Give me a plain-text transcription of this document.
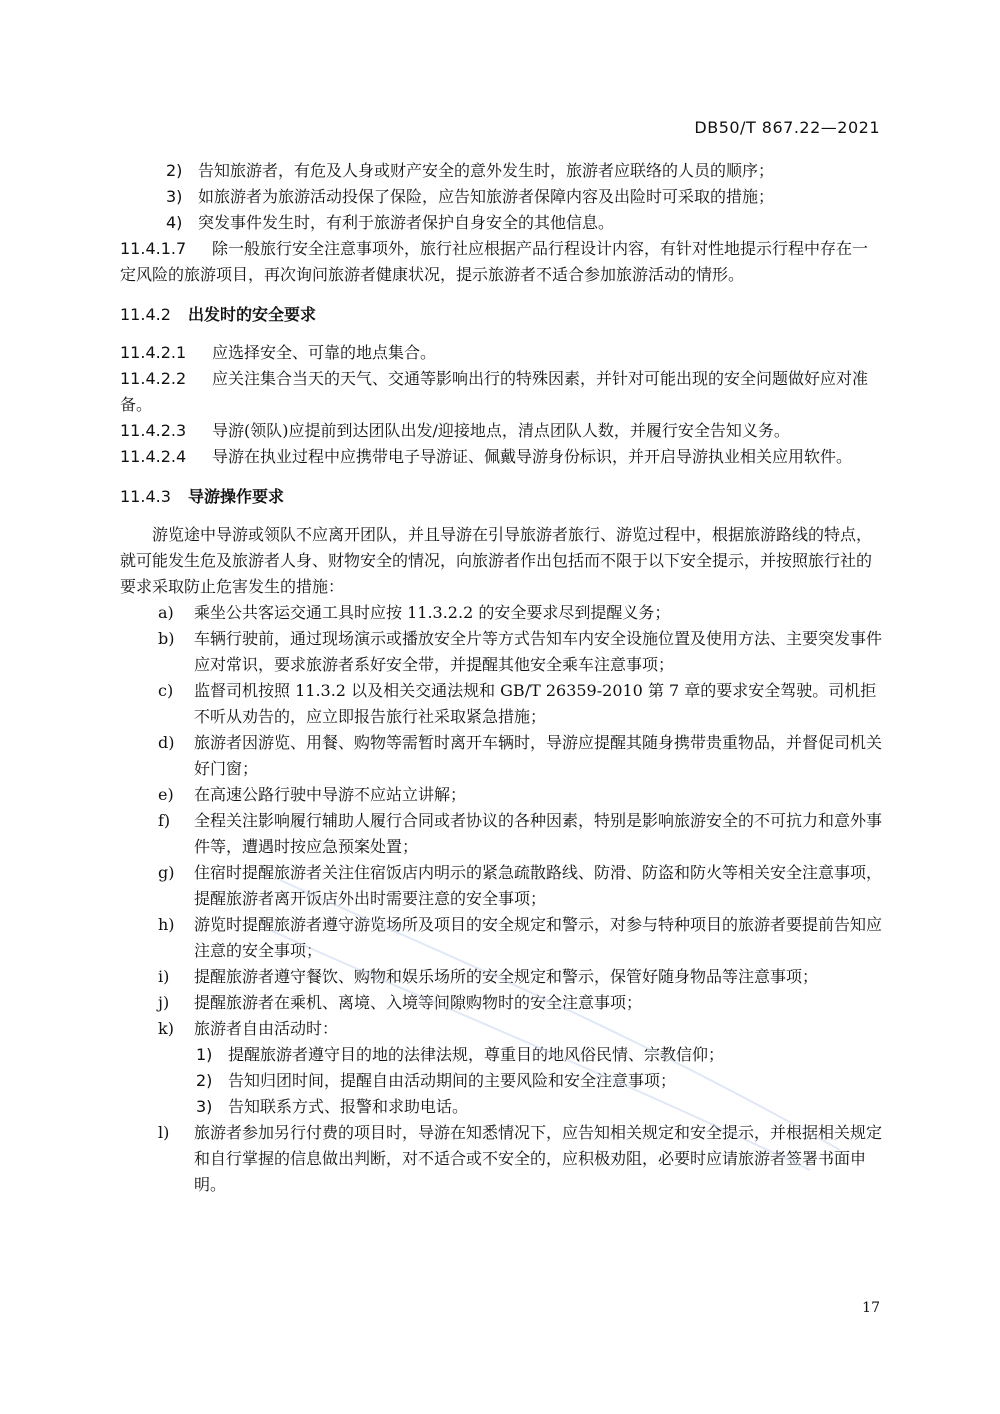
DB50/T 867.22—2021
2) 告知旅游者，有危及人身或财产安全的意外发生时，旅游者应联络的人员的顺序；
3) 如旅游者为旅游活动投保了保险，应告知旅游者保障内容及出险时可采取的措施；
4) 突发事件发生时，有利于旅游者保护自身安全的其他信息。
11.4.1.7 除一般旅行安全注意事项外，旅行社应根据产品行程设计内容，有针对性地提示行程中存在一定风险的旅游项目，再次询问旅游者健康状况，提示旅游者不适合参加旅游活动的情形。
11.4.2 出发时的安全要求
11.4.2.1 应选择安全、可靠的地点集合。
11.4.2.2 应关注集合当天的天气、交通等影响出行的特殊因素，并针对可能出现的安全问题做好应对准备。
11.4.2.3 导游(领队)应提前到达团队出发/迎接地点，清点团队人数，并履行安全告知义务。
11.4.2.4 导游在执业过程中应携带电子导游证、佩戴导游身份标识，并开启导游执业相关应用软件。
11.4.3 导游操作要求
游览途中导游或领队不应离开团队，并且导游在引导旅游者旅行、游览过程中，根据旅游路线的特点，就可能发生危及旅游者人身、财物安全的情况，向旅游者作出包括而不限于以下安全提示，并按照旅行社的要求采取防止危害发生的措施：
a) 乘坐公共客运交通工具时应按 11.3.2.2 的安全要求尽到提醒义务；
b) 车辆行驶前，通过现场演示或播放安全片等方式告知车内安全设施位置及使用方法、主要突发事件应对常识，要求旅游者系好安全带，并提醒其他安全乘车注意事项；
c) 监督司机按照 11.3.2 以及相关交通法规和 GB/T 26359-2010 第 7 章的要求安全驾驶。司机拒不听从劝告的，应立即报告旅行社采取紧急措施；
d) 旅游者因游览、用餐、购物等需暂时离开车辆时，导游应提醒其随身携带贵重物品，并督促司机关好门窗；
e) 在高速公路行驶中导游不应站立讲解；
f) 全程关注影响履行辅助人履行合同或者协议的各种因素，特别是影响旅游安全的不可抗力和意外事件等，遭遇时按应急预案处置；
g) 住宿时提醒旅游者关注住宿饭店内明示的紧急疏散路线、防滑、防盗和防火等相关安全注意事项，提醒旅游者离开饭店外出时需要注意的安全事项；
h) 游览时提醒旅游者遵守游览场所及项目的安全规定和警示，对参与特种项目的旅游者要提前告知应注意的安全事项；
i) 提醒旅游者遵守餐饮、购物和娱乐场所的安全规定和警示，保管好随身物品等注意事项；
j) 提醒旅游者在乘机、离境、入境等间隙购物时的安全注意事项；
k) 旅游者自由活动时：
1) 提醒旅游者遵守目的地的法律法规，尊重目的地风俗民情、宗教信仰；
2) 告知归团时间，提醒自由活动期间的主要风险和安全注意事项；
3) 告知联系方式、报警和求助电话。
l) 旅游者参加另行付费的项目时，导游在知悉情况下，应告知相关规定和安全提示，并根据相关规定和自行掌握的信息做出判断，对不适合或不安全的，应积极劝阻，必要时应请旅游者签署书面申明。
17
